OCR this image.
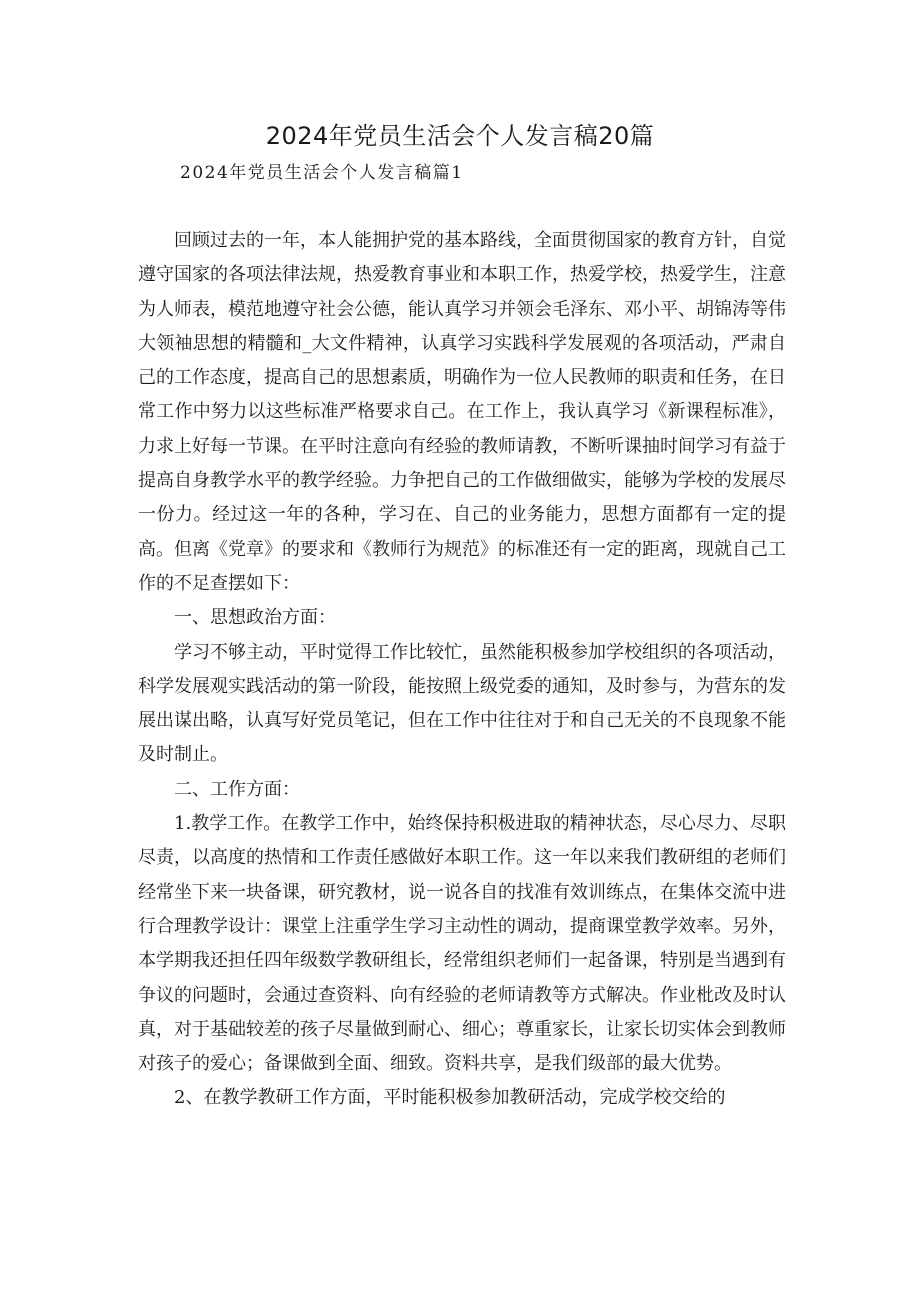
2024年党员生活会个人发言稿20篇
2024年党员生活会个人发言稿篇1

回顾过去的一年，本人能拥护党的基本路线，全面贯彻国家的教育方针，自觉遵守国家的各项法律法规，热爱教育事业和本职工作，热爱学校，热爱学生，注意为人师表，模范地遵守社会公德，能认真学习并领会毛泽东、邓小平、胡锦涛等伟大领袖思想的精髓和_大文件精神，认真学习实践科学发展观的各项活动，严肃自己的工作态度，提高自己的思想素质，明确作为一位人民教师的职责和任务，在日常工作中努力以这些标准严格要求自己。在工作上，我认真学习《新课程标准》，力求上好每一节课。在平时注意向有经验的教师请教，不断听课抽时间学习有益于提高自身教学水平的教学经验。力争把自己的工作做细做实，能够为学校的发展尽一份力。经过这一年的各种，学习在、自己的业务能力，思想方面都有一定的提高。但离《党章》的要求和《教师行为规范》的标准还有一定的距离，现就自己工作的不足查摆如下：

一、思想政治方面：

学习不够主动，平时觉得工作比较忙，虽然能积极参加学校组织的各项活动，科学发展观实践活动的第一阶段，能按照上级党委的通知，及时参与，为营东的发展出谋出略，认真写好党员笔记，但在工作中往往对于和自己无关的不良现象不能及时制止。

二、工作方面：

1.教学工作。在教学工作中，始终保持积极进取的精神状态，尽心尽力、尽职尽责，以高度的热情和工作责任感做好本职工作。这一年以来我们教研组的老师们经常坐下来一块备课，研究教材，说一说各自的找准有效训练点，在集体交流中进行合理教学设计：课堂上注重学生学习主动性的调动，提商课堂教学效率。另外，本学期我还担任四年级数学教研组长，经常组织老师们一起备课，特别是当遇到有争议的问题时，会通过查资料、向有经验的老师请教等方式解决。作业枇改及时认真，对于基础较差的孩子尽量做到耐心、细心；尊重家长，让家长切实体会到教师对孩子的爱心；备课做到全面、细致。资料共享，是我们级部的最大优势。

2、在教学教研工作方面，平时能积极参加教研活动，完成学校交给的
